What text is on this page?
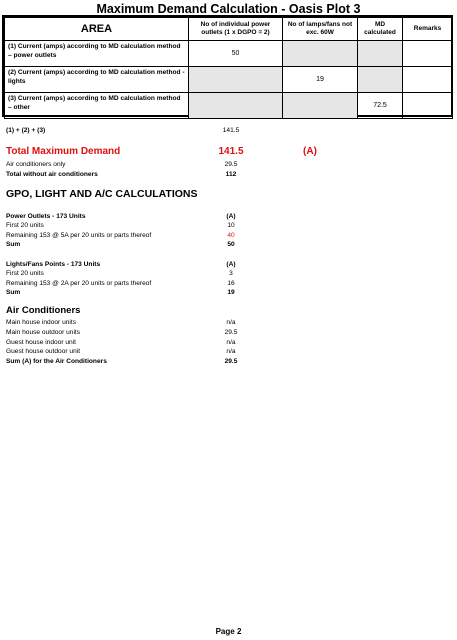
Maximum Demand Calculation - Oasis Plot 3
AREA	No of individual power outlets (1 x DGPO = 2)	No of lamps/fans not exc. 60W	MD calculated	Remarks
(1) Current (amps) according to MD calculation method – power outlets	50			
(2) Current (amps) according to MD calculation method - lights		19		
(3) Current (amps) according to MD calculation method – other			72.5	
(1) + (2) + (3)	141.5
Total Maximum Demand	141.5	(A)
Air conditioners only	29.5
Total without air conditioners	112
GPO, LIGHT AND A/C CALCULATIONS
Power Outlets - 173 Units	(A)
First 20 units	10
Remaining 153 @ 5A per 20 units or parts thereof	40
Sum	50
Lights/Fans Points - 173 Units	(A)
First 20 units	3
Remaining 153 @ 2A per 20 units or parts thereof	16
Sum	19
Air Conditioners
Main house indoor units	n/a
Main house outdoor units	29.5
Guest house indoor unit	n/a
Guest house outdoor unit	n/a
Sum (A) for the Air Conditioners	29.5
Page 2
